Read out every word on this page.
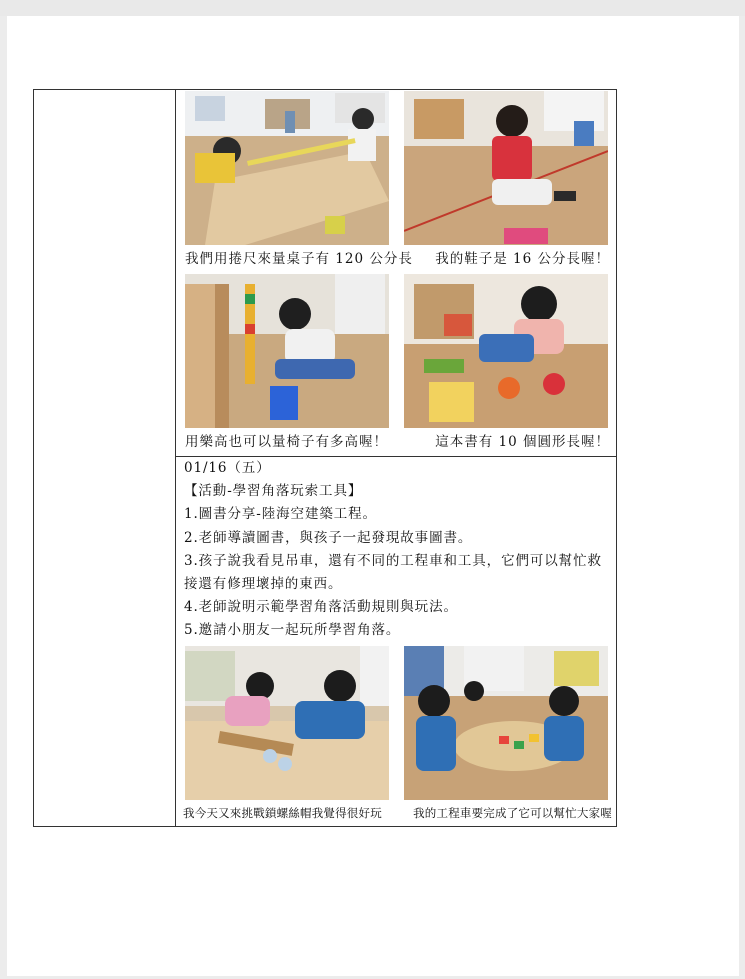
我們用捲尺來量桌子有 120 公分長 我的鞋子是 16 公分長喔！
用樂高也可以量椅子有多高喔！	這本書有 10 個圓形長喔！

01/16（五）

【活動-學習角落玩索工具】

1.圖書分享-陸海空建築工程。

2.老師導讀圖書，與孩子一起發現故事圖書。

3.孩子說我看見吊車，還有不同的工程車和工具，它們可以幫忙救

接還有修理壞掉的東西。

4.老師說明示範學習角落活動規則與玩法。

5.邀請小朋友一起玩所學習角落。

我今天又來挑戰鎖螺絲帽我覺得很好玩	我的工程車要完成了它可以幫忙大家喔
